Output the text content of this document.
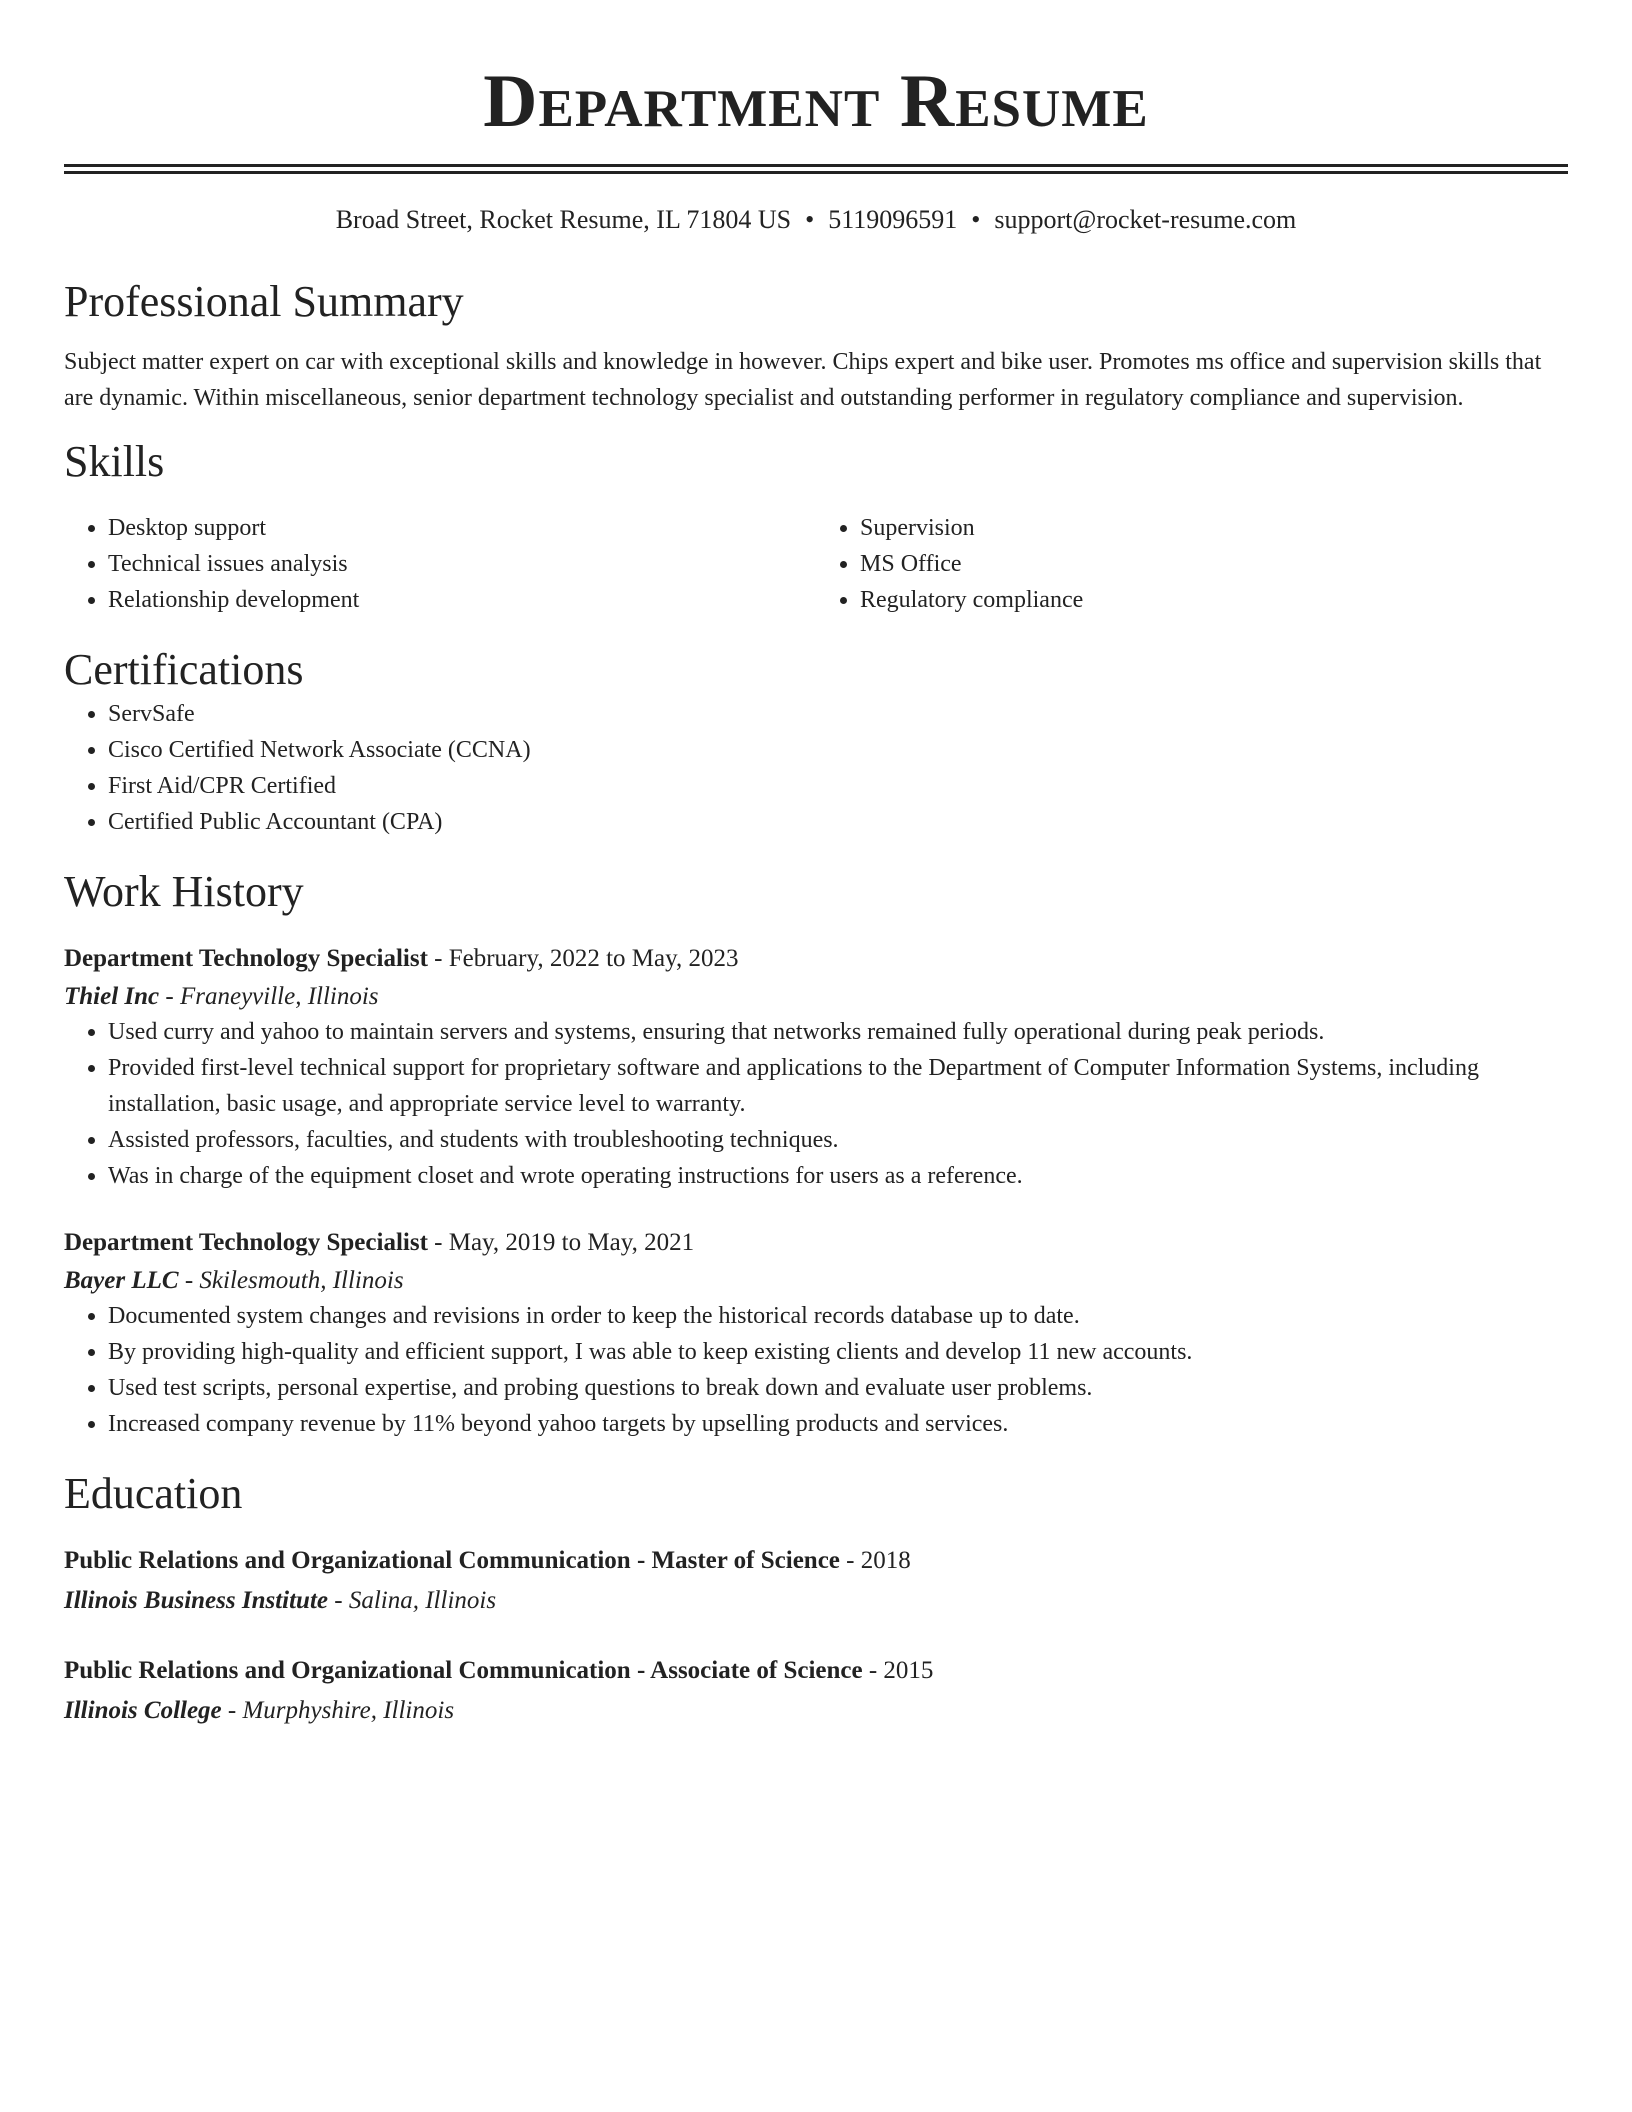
Department Resume
Broad Street, Rocket Resume, IL 71804 US • 5119096591 • support@rocket-resume.com
Professional Summary
Subject matter expert on car with exceptional skills and knowledge in however. Chips expert and bike user. Promotes ms office and supervision skills that are dynamic. Within miscellaneous, senior department technology specialist and outstanding performer in regulatory compliance and supervision.
Skills
• Desktop support
• Technical issues analysis
• Relationship development
• Supervision
• MS Office
• Regulatory compliance
Certifications
• ServSafe
• Cisco Certified Network Associate (CCNA)
• First Aid/CPR Certified
• Certified Public Accountant (CPA)
Work History
Department Technology Specialist - February, 2022 to May, 2023
Thiel Inc - Franeyville, Illinois
• Used curry and yahoo to maintain servers and systems, ensuring that networks remained fully operational during peak periods.
• Provided first-level technical support for proprietary software and applications to the Department of Computer Information Systems, including installation, basic usage, and appropriate service level to warranty.
• Assisted professors, faculties, and students with troubleshooting techniques.
• Was in charge of the equipment closet and wrote operating instructions for users as a reference.
Department Technology Specialist - May, 2019 to May, 2021
Bayer LLC - Skilesmouth, Illinois
• Documented system changes and revisions in order to keep the historical records database up to date.
• By providing high-quality and efficient support, I was able to keep existing clients and develop 11 new accounts.
• Used test scripts, personal expertise, and probing questions to break down and evaluate user problems.
• Increased company revenue by 11% beyond yahoo targets by upselling products and services.
Education
Public Relations and Organizational Communication - Master of Science - 2018
Illinois Business Institute - Salina, Illinois
Public Relations and Organizational Communication - Associate of Science - 2015
Illinois College - Murphyshire, Illinois
